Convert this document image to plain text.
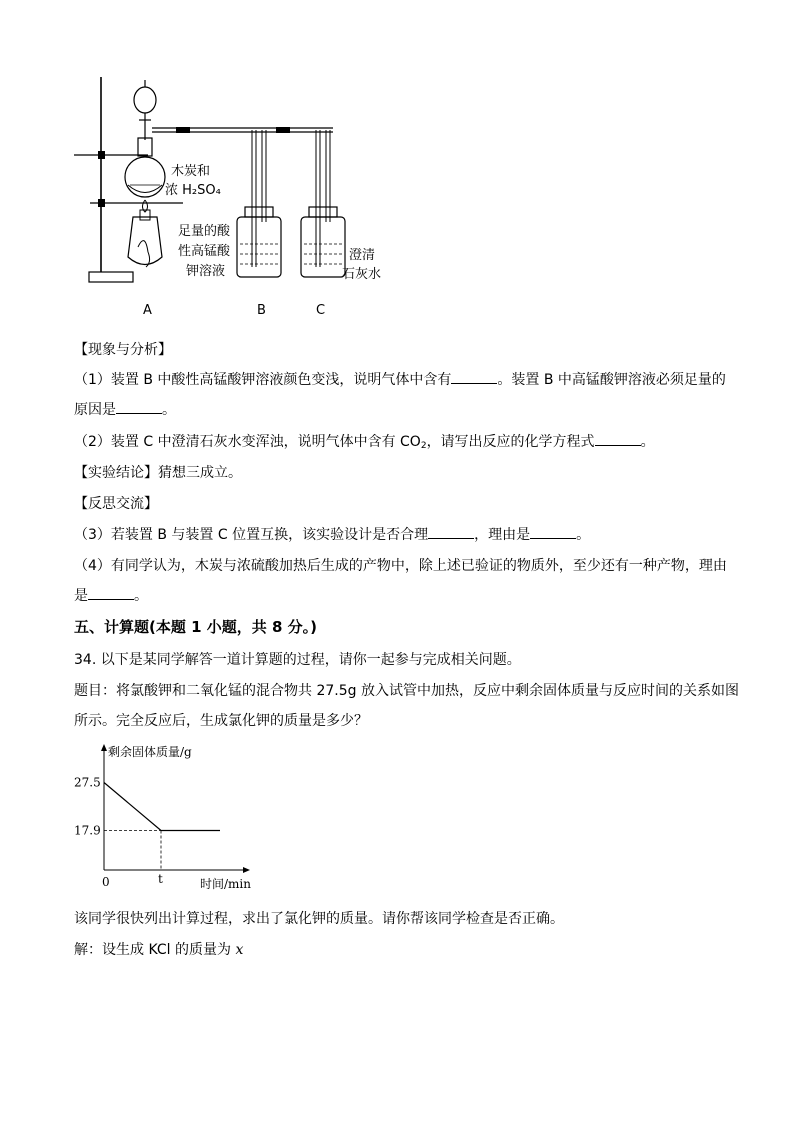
木炭和
浓 H₂SO₄
足量的酸
性高锰酸
钾溶液
澄清
石灰水
A	B	C
【现象与分析】
（1）装置 B 中酸性高锰酸钾溶液颜色变浅，说明气体中含有	。装置 B 中高锰酸钾溶液必须足量的
原因是	。
（2）装置 C 中澄清石灰水变浑浊，说明气体中含有 $CO_2$，请写出反应的化学方程式	。
【实验结论】猜想三成立。
【反思交流】
（3）若装置 B 与装置 C 位置互换，该实验设计是否合理	，理由是	。
（4）有同学认为，木炭与浓硫酸加热后生成的产物中，除上述已验证的物质外，至少还有一种产物，理由
是	。
五、计算题(本题 1 小题，共 8 分。)
34. 以下是某同学解答一道计算题的过程，请你一起参与完成相关问题。
题目：将氯酸钾和二氧化锰的混合物共 27.5g 放入试管中加热，反应中剩余固体质量与反应时间的关系如图
所示。完全反应后，生成氯化钾的质量是多少？
剩余固体质量/g
时间/min
0	t
27.5
17.9
该同学很快列出计算过程，求出了氯化钾的质量。请你帮该同学检查是否正确。
解：设生成 KCl 的质量为 x
